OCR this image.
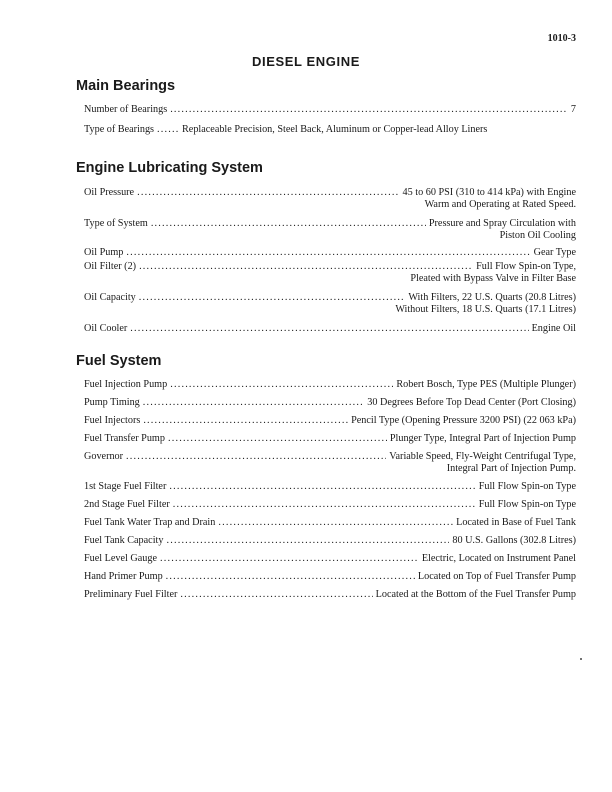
1010-3
DIESEL ENGINE
Main Bearings
Number of Bearings .....	7
Type of Bearings .....	Replaceable Precision, Steel Back, Aluminum or Copper-lead Alloy Liners
Engine Lubricating System
Oil Pressure .....	45 to 60 PSI (310 to 414 kPa) with Engine
Warm and Operating at Rated Speed.
Type of System .....	Pressure and Spray Circulation with
Piston Oil Cooling
Oil Pump .....	Gear Type
Oil Filter (2) .....	Full Flow Spin-on Type,
Pleated with Bypass Valve in Filter Base
Oil Capacity .....	With Filters, 22 U.S. Quarts (20.8 Litres)
Without Filters, 18 U.S. Quarts (17.1 Litres)
Oil Cooler .....	Engine Oil
Fuel System
Fuel Injection Pump .....	Robert Bosch, Type PES (Multiple Plunger)
Pump Timing .....	30 Degrees Before Top Dead Center (Port Closing)
Fuel Injectors .....	Pencil Type (Opening Pressure 3200 PSI) (22 063 kPa)
Fuel Transfer Pump .....	Plunger Type, Integral Part of Injection Pump
Governor .....	Variable Speed, Fly-Weight Centrifugal Type,
Integral Part of Injection Pump.
1st Stage Fuel Filter .....	Full Flow Spin-on Type
2nd Stage Fuel Filter .....	Full Flow Spin-on Type
Fuel Tank Water Trap and Drain .....	Located in Base of Fuel Tank
Fuel Tank Capacity .....	80 U.S. Gallons (302.8 Litres)
Fuel Level Gauge .....	Electric, Located on Instrument Panel
Hand Primer Pump .....	Located on Top of Fuel Transfer Pump
Preliminary Fuel Filter .....	Located at the Bottom of the Fuel Transfer Pump
